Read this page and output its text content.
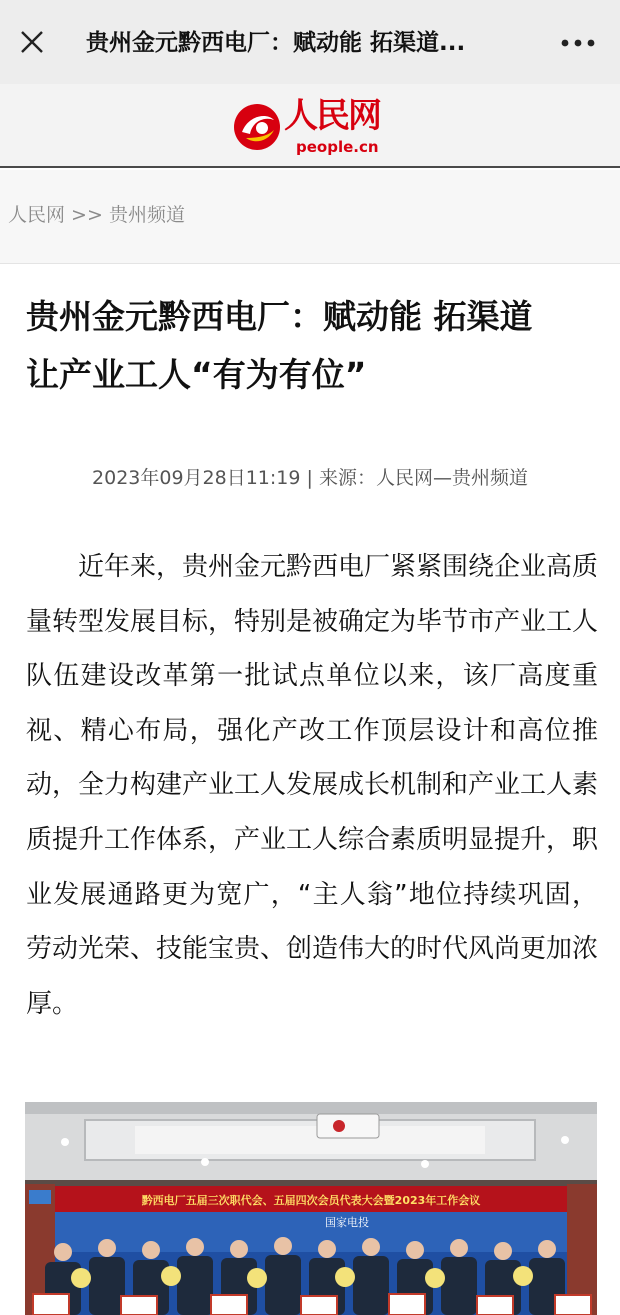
贵州金元黔西电厂：赋动能 拓渠道...
人民网
people.cn
人民网 >> 贵州频道
贵州金元黔西电厂：赋动能 拓渠道
让产业工人“有为有位”
2023年09月28日11:19 | 来源：人民网—贵州频道

近年来，贵州金元黔西电厂紧紧围绕企业高质量转型发展目标，特别是被确定为毕节市产业工人队伍建设改革第一批试点单位以来，该厂高度重视、精心布局，强化产改工作顶层设计和高位推动，全力构建产业工人发展成长机制和产业工人素质提升工作体系，产业工人综合素质明显提升，职业发展通路更为宽广，“主人翁”地位持续巩固，劳动光荣、技能宝贵、创造伟大的时代风尚更加浓厚。

黔西电厂五届三次职代会、五届四次会员代表大会暨2023年工作会议
国家电投
